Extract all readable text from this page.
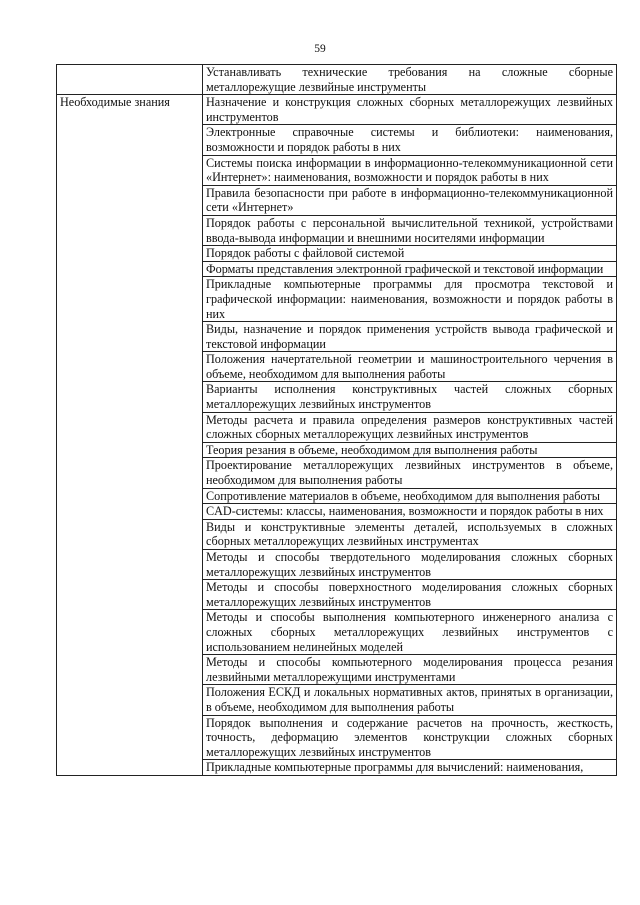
59
	Устанавливать технические требования на сложные сборные металлорежущие лезвийные инструменты
Необходимые знания	Назначение и конструкция сложных сборных металлорежущих лезвийных инструментов
	Электронные справочные системы и библиотеки: наименования, возможности и порядок работы в них
	Системы поиска информации в информационно-телекоммуникационной сети «Интернет»: наименования, возможности и порядок работы в них
	Правила безопасности при работе в информационно-телекоммуникационной сети «Интернет»
	Порядок работы с персональной вычислительной техникой, устройствами ввода-вывода информации и внешними носителями информации
	Порядок работы с файловой системой
	Форматы представления электронной графической и текстовой информации
	Прикладные компьютерные программы для просмотра текстовой и графической информации: наименования, возможности и порядок работы в них
	Виды, назначение и порядок применения устройств вывода графической и текстовой информации
	Положения начертательной геометрии и машиностроительного черчения в объеме, необходимом для выполнения работы
	Варианты исполнения конструктивных частей сложных сборных металлорежущих лезвийных инструментов
	Методы расчета и правила определения размеров конструктивных частей сложных сборных металлорежущих лезвийных инструментов
	Теория резания в объеме, необходимом для выполнения работы
	Проектирование металлорежущих лезвийных инструментов в объеме, необходимом для выполнения работы
	Сопротивление материалов в объеме, необходимом для выполнения работы
	CAD-системы: классы, наименования, возможности и порядок работы в них
	Виды и конструктивные элементы деталей, используемых в сложных сборных металлорежущих лезвийных инструментах
	Методы и способы твердотельного моделирования сложных сборных металлорежущих лезвийных инструментов
	Методы и способы поверхностного моделирования сложных сборных металлорежущих лезвийных инструментов
	Методы и способы выполнения компьютерного инженерного анализа с сложных сборных металлорежущих лезвийных инструментов с использованием нелинейных моделей
	Методы и способы компьютерного моделирования процесса резания лезвийными металлорежущими инструментами
	Положения ЕСКД и локальных нормативных актов, принятых в организации, в объеме, необходимом для выполнения работы
	Порядок выполнения и содержание расчетов на прочность, жесткость, точность, деформацию элементов конструкции сложных сборных металлорежущих лезвийных инструментов
	Прикладные компьютерные программы для вычислений: наименования,
